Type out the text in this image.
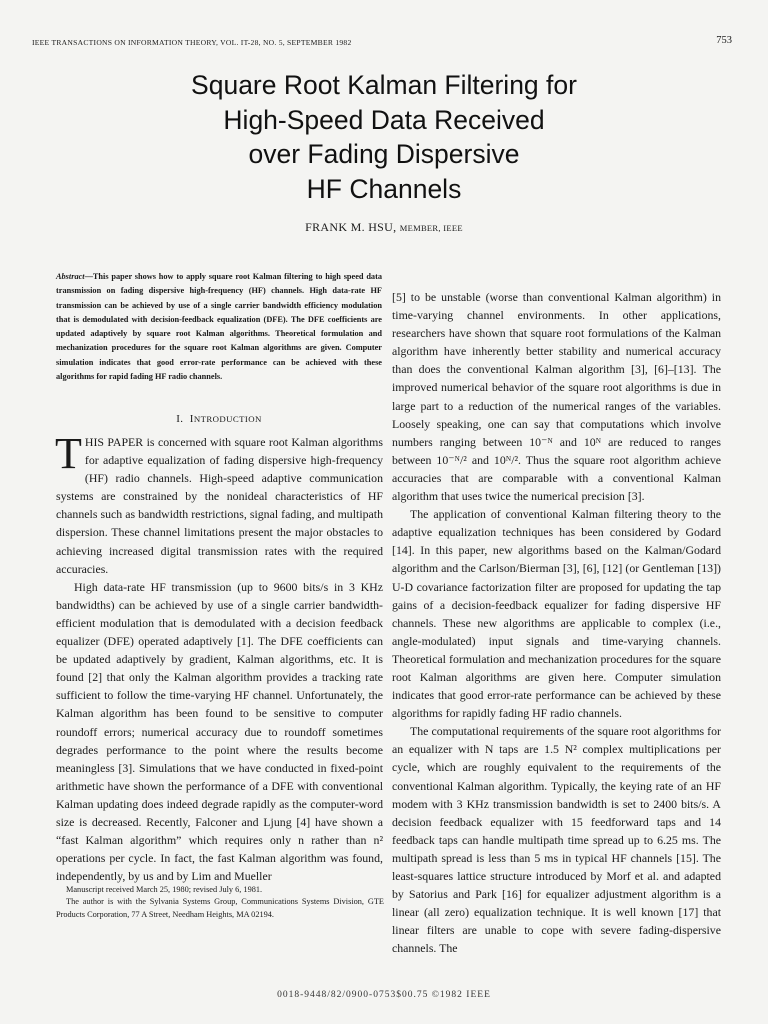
IEEE TRANSACTIONS ON INFORMATION THEORY, VOL. IT-28, NO. 5, SEPTEMBER 1982	753
Square Root Kalman Filtering for
High-Speed Data Received
over Fading Dispersive
HF Channels
FRANK M. HSU, MEMBER, IEEE
Abstract—This paper shows how to apply square root Kalman filtering to high speed data transmission on fading dispersive high-frequency (HF) channels. High data-rate HF transmission can be achieved by use of a single carrier bandwidth efficiency modulation that is demodulated with decision-feedback equalization (DFE). The DFE coefficients are updated adaptively by square root Kalman algorithms. Theoretical formulation and mechanization procedures for the square root Kalman algorithms are given. Computer simulation indicates that good error-rate performance can be achieved with these algorithms for rapid fading HF radio channels.
I. INTRODUCTION
THIS PAPER is concerned with square root Kalman algorithms for adaptive equalization of fading dispersive high-frequency (HF) radio channels. High-speed adaptive communication systems are constrained by the nonideal characteristics of HF channels such as bandwidth restrictions, signal fading, and multipath dispersion. These channel limitations present the major obstacles to achieving increased digital transmission rates with the required accuracies.
High data-rate HF transmission (up to 9600 bits/s in 3 KHz bandwidths) can be achieved by use of a single carrier bandwidth-efficient modulation that is demodulated with a decision feedback equalizer (DFE) operated adaptively [1]. The DFE coefficients can be updated adaptively by gradient, Kalman algorithms, etc. It is found [2] that only the Kalman algorithm provides a tracking rate sufficient to follow the time-varying HF channel. Unfortunately, the Kalman algorithm has been found to be sensitive to computer roundoff errors; numerical accuracy due to roundoff sometimes degrades performance to the point where the results become meaningless [3]. Simulations that we have conducted in fixed-point arithmetic have shown the performance of a DFE with conventional Kalman updating does indeed degrade rapidly as the computer-word size is decreased. Recently, Falconer and Ljung [4] have shown a “fast Kalman algorithm” which requires only n rather than n² operations per cycle. In fact, the fast Kalman algorithm was found, independently, by us and by Lim and Mueller

Manuscript received March 25, 1980; revised July 6, 1981.

The author is with the Sylvania Systems Group, Communications Systems Division, GTE Products Corporation, 77 A Street, Needham Heights, MA 02194.

[5] to be unstable (worse than conventional Kalman algorithm) in time-varying channel environments. In other applications, researchers have shown that square root formulations of the Kalman algorithm have inherently better stability and numerical accuracy than does the conventional Kalman algorithm [3], [6]–[13]. The improved numerical behavior of the square root algorithms is due in large part to a reduction of the numerical ranges of the variables. Loosely speaking, one can say that computations which involve numbers ranging between 10⁻ᴺ and 10ᴺ are reduced to ranges between 10⁻ᴺ/² and 10ᴺ/². Thus the square root algorithm achieve accuracies that are comparable with a conventional Kalman algorithm that uses twice the numerical precision [3].

The application of conventional Kalman filtering theory to the adaptive equalization techniques has been considered by Godard [14]. In this paper, new algorithms based on the Kalman/Godard algorithm and the Carlson/Bierman [3], [6], [12] (or Gentleman [13]) U-D covariance factorization filter are proposed for updating the tap gains of a decision-feedback equalizer for fading dispersive HF channels. These new algorithms are applicable to complex (i.e., angle-modulated) input signals and time-varying channels. Theoretical formulation and mechanization procedures for the square root Kalman algorithms are given here. Computer simulation indicates that good error-rate performance can be achieved by these algorithms for rapidly fading HF radio channels.

The computational requirements of the square root algorithms for an equalizer with N taps are 1.5 N² complex multiplications per cycle, which are roughly equivalent to the requirements of the conventional Kalman algorithm. Typically, the keying rate of an HF modem with 3 KHz transmission bandwidth is set to 2400 bits/s. A decision feedback equalizer with 15 feedforward taps and 14 feedback taps can handle multipath time spread up to 6.25 ms. The multipath spread is less than 5 ms in typical HF channels [15]. The least-squares lattice structure introduced by Morf et al. and adapted by Satorius and Park [16] for equalizer adjustment algorithm is a linear (all zero) equalization technique. It is well known [17] that linear filters are unable to cope with severe fading-dispersive channels. The

0018-9448/82/0900-0753$00.75 ©1982 IEEE
